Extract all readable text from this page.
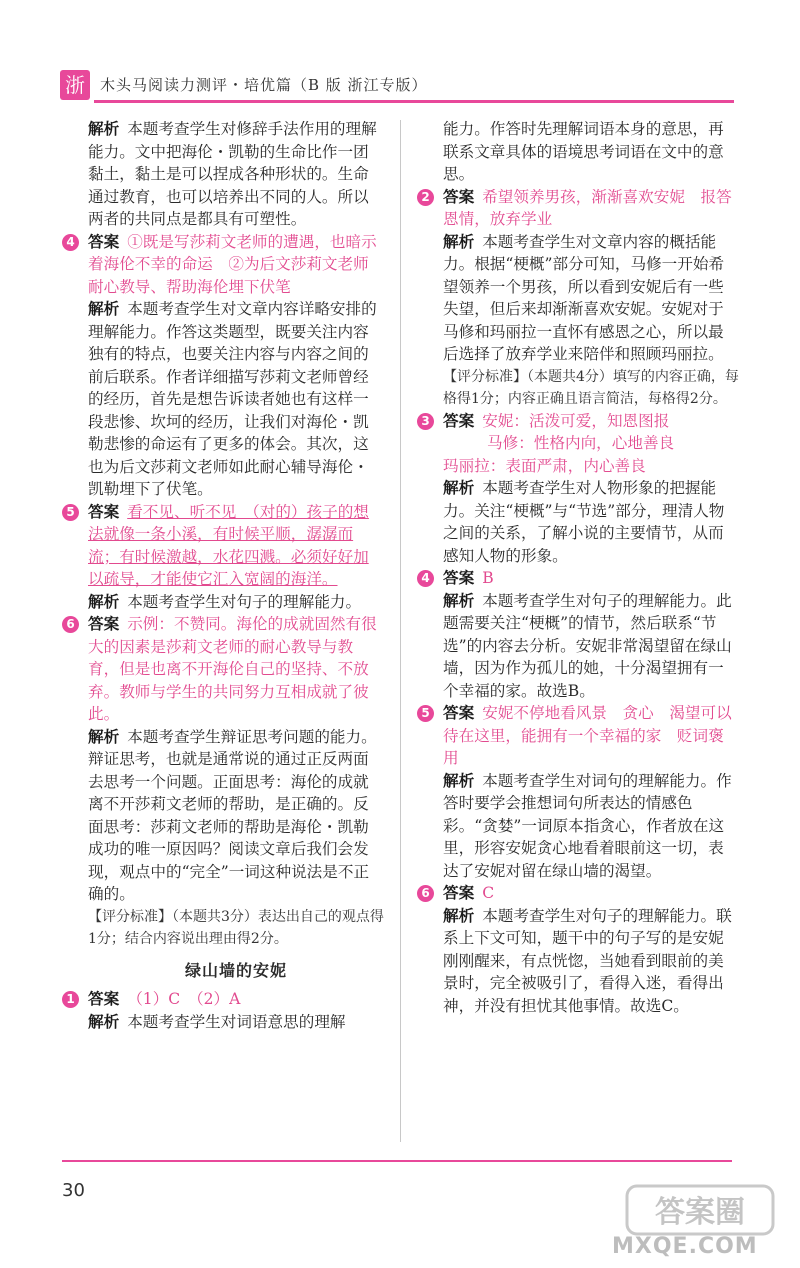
浙	木头马阅读力测评・培优篇（B 版 浙江专版）
解析 本题考查学生对修辞手法作用的理解能力。文中把海伦・凯勒的生命比作一团黏土，黏土是可以捏成各种形状的。生命通过教育，也可以培养出不同的人。所以两者的共同点是都具有可塑性。
4 答案 ①既是写莎莉文老师的遭遇，也暗示着海伦不幸的命运　②为后文莎莉文老师耐心教导、帮助海伦埋下伏笔
解析 本题考查学生对文章内容详略安排的理解能力。作答这类题型，既要关注内容独有的特点，也要关注内容与内容之间的前后联系。作者详细描写莎莉文老师曾经的经历，首先是想告诉读者她也有这样一段悲惨、坎坷的经历，让我们对海伦・凯勒悲惨的命运有了更多的体会。其次，这也为后文莎莉文老师如此耐心辅导海伦・凯勒埋下了伏笔。
5 答案 看不见、听不见　（对的）孩子的想法就像一条小溪，有时候平顺，潺潺而流；有时候激越，水花四溅。必须好好加以疏导，才能使它汇入宽阔的海洋。
解析 本题考查学生对句子的理解能力。
6 答案 示例：不赞同。海伦的成就固然有很大的因素是莎莉文老师的耐心教导与教育，但是也离不开海伦自己的坚持、不放弃。教师与学生的共同努力互相成就了彼此。
解析 本题考查学生辩证思考问题的能力。辩证思考，也就是通常说的通过正反两面去思考一个问题。正面思考：海伦的成就离不开莎莉文老师的帮助，是正确的。反面思考：莎莉文老师的帮助是海伦・凯勒成功的唯一原因吗？阅读文章后我们会发现，观点中的“完全”一词这种说法是不正确的。
【评分标准】（本题共3分）表达出自己的观点得1分；结合内容说出理由得2分。
绿山墙的安妮
1 答案 （1）C　（2）A
解析 本题考查学生对词语意思的理解
能力。作答时先理解词语本身的意思，再联系文章具体的语境思考词语在文中的意思。
2 答案 希望领养男孩，渐渐喜欢安妮　报答恩情，放弃学业
解析 本题考查学生对文章内容的概括能力。根据“梗概”部分可知，马修一开始希望领养一个男孩，所以看到安妮后有一些失望，但后来却渐渐喜欢安妮。安妮对于马修和玛丽拉一直怀有感恩之心，所以最后选择了放弃学业来陪伴和照顾玛丽拉。
【评分标准】（本题共4分）填写的内容正确，每格得1分；内容正确且语言简洁，每格得2分。
3 答案 安妮：活泼可爱，知恩图报
马修：性格内向，心地善良
玛丽拉：表面严肃，内心善良
解析 本题考查学生对人物形象的把握能力。关注“梗概”与“节选”部分，理清人物之间的关系，了解小说的主要情节，从而感知人物的形象。
4 答案 B
解析 本题考查学生对句子的理解能力。此题需要关注“梗概”的情节，然后联系“节选”的内容去分析。安妮非常渴望留在绿山墙，因为作为孤儿的她，十分渴望拥有一个幸福的家。故选B。
5 答案 安妮不停地看风景　贪心　渴望可以待在这里，能拥有一个幸福的家　贬词褒用
解析 本题考查学生对词句的理解能力。作答时要学会推想词句所表达的情感色彩。“贪婪”一词原本指贪心，作者放在这里，形容安妮贪心地看着眼前这一切，表达了安妮对留在绿山墙的渴望。
6 答案 C
解析 本题考查学生对句子的理解能力。联系上下文可知，题干中的句子写的是安妮刚刚醒来，有点恍惚，当她看到眼前的美景时，完全被吸引了，看得入迷，看得出神，并没有担忧其他事情。故选C。
30
答案圈
MXQE.COM
